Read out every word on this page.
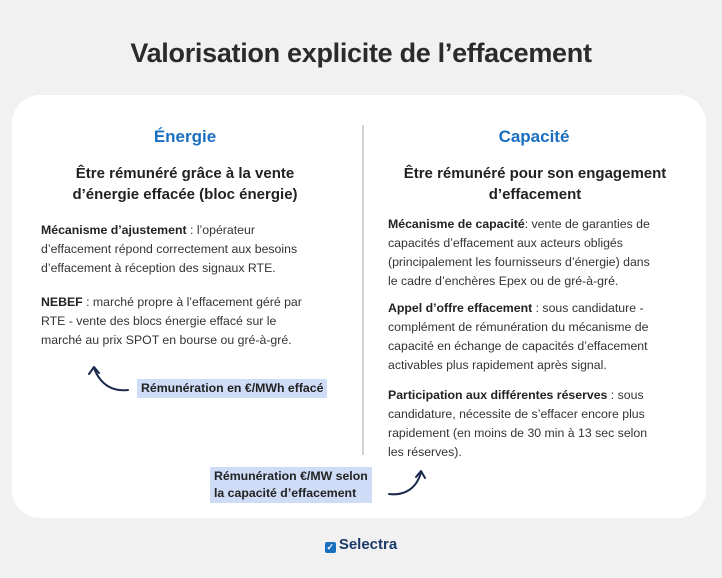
Valorisation explicite de l’effacement
Énergie
Être rémunéré grâce à la vente
d’énergie effacée (bloc énergie)
Mécanisme d’ajustement : l’opérateur
d’effacement répond correctement aux besoins
d’effacement à réception des signaux RTE.
NEBEF : marché propre à l’effacement géré par
RTE - vente des blocs énergie effacé sur le
marché au prix SPOT en bourse ou gré-à-gré.
Rémunération en €/MWh effacé
Capacité
Être rémunéré pour son engagement
d’effacement
Mécanisme de capacité: vente de garanties de
capacités d’effacement aux acteurs obligés
(principalement les fournisseurs d’énergie) dans
le cadre d’enchères Epex ou de gré-à-gré.
Appel d’offre effacement : sous candidature -
complément de rémunération du mécanisme de
capacité en échange de capacités d’effacement
activables plus rapidement après signal.
Participation aux différentes réserves : sous
candidature, nécessite de s’effacer encore plus
rapidement (en moins de 30 min à 13 sec selon
les réserves).
Rémunération €/MW selon
la capacité d’effacement
✓ Selectra
